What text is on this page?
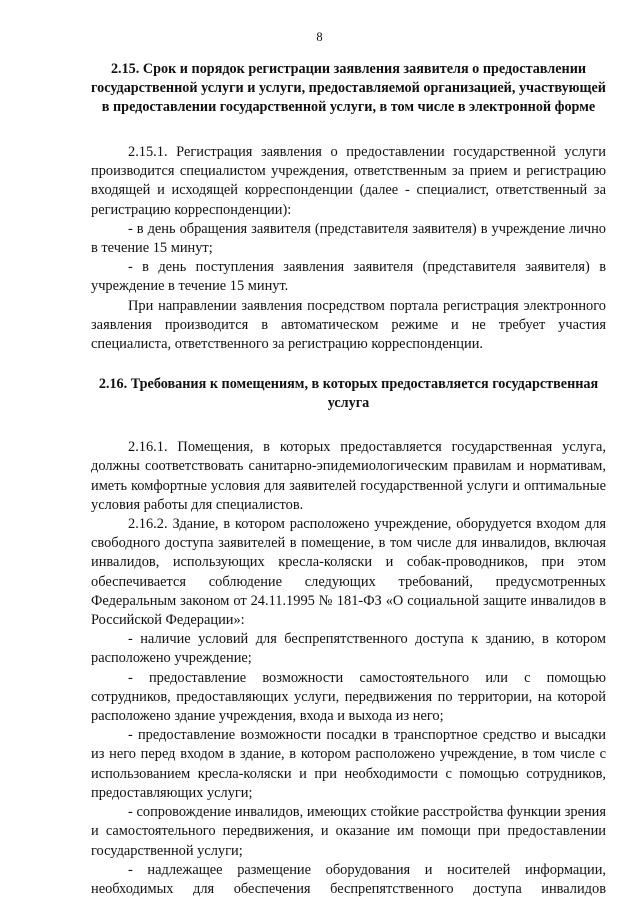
8
2.15. Срок и порядок регистрации заявления заявителя о предоставлении государственной услуги и услуги, предоставляемой организацией, участвующей в предоставлении государственной услуги, в том числе в электронной форме

2.15.1. Регистрация заявления о предоставлении государственной услуги производится специалистом учреждения, ответственным за прием и регистрацию входящей и исходящей корреспонденции (далее - специалист, ответственный за регистрацию корреспонденции):

- в день обращения заявителя (представителя заявителя) в учреждение лично в течение 15 минут;

- в день поступления заявления заявителя (представителя заявителя) в учреждение в течение 15 минут.

При направлении заявления посредством портала регистрация электронного заявления производится в автоматическом режиме и не требует участия специалиста, ответственного за регистрацию корреспонденции.

2.16. Требования к помещениям, в которых предоставляется государственная услуга

2.16.1. Помещения, в которых предоставляется государственная услуга, должны соответствовать санитарно-эпидемиологическим правилам и нормативам, иметь комфортные условия для заявителей государственной услуги и оптимальные условия работы для специалистов.

2.16.2. Здание, в котором расположено учреждение, оборудуется входом для свободного доступа заявителей в помещение, в том числе для инвалидов, включая инвалидов, использующих кресла-коляски и собак-проводников, при этом обеспечивается соблюдение следующих требований, предусмотренных Федеральным законом от 24.11.1995 № 181-ФЗ «О социальной защите инвалидов в Российской Федерации»:

- наличие условий для беспрепятственного доступа к зданию, в котором расположено учреждение;

- предоставление возможности самостоятельного или с помощью сотрудников, предоставляющих услуги, передвижения по территории, на которой расположено здание учреждения, входа и выхода из него;

- предоставление возможности посадки в транспортное средство и высадки из него перед входом в здание, в котором расположено учреждение, в том числе с использованием кресла-коляски и при необходимости с помощью сотрудников, предоставляющих услуги;

- сопровождение инвалидов, имеющих стойкие расстройства функции зрения и самостоятельного передвижения, и оказание им помощи при предоставлении государственной услуги;

- надлежащее размещение оборудования и носителей информации, необходимых для обеспечения беспрепятственного доступа инвалидов
